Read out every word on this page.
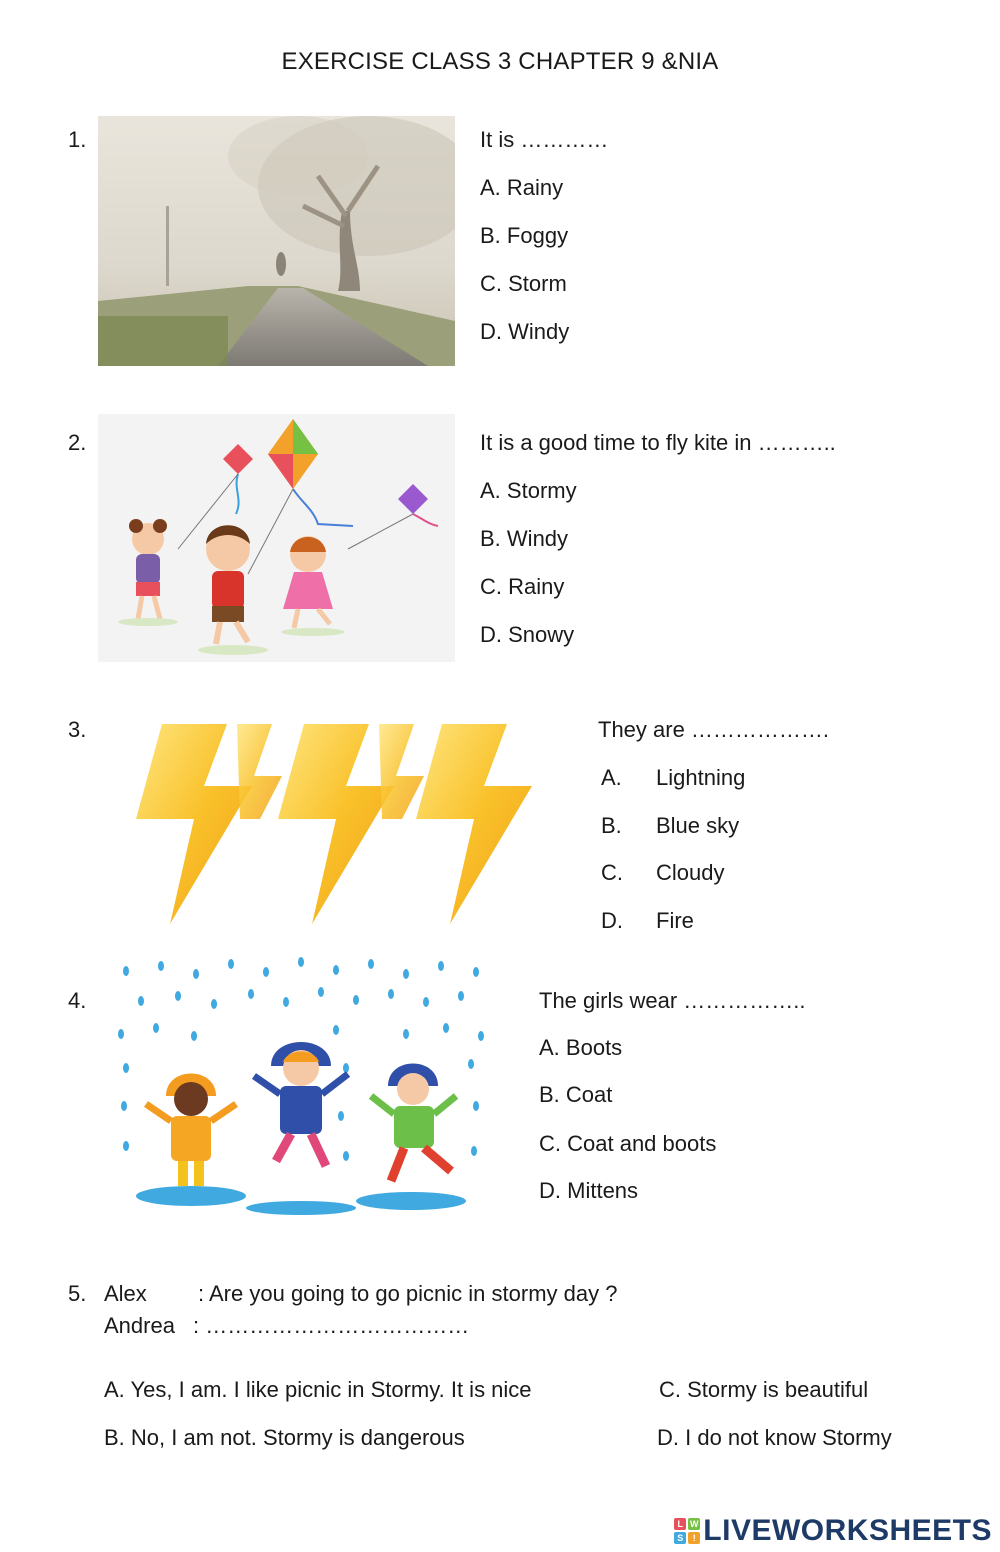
EXERCISE CLASS 3 CHAPTER 9 &NIA
1.	It is …………
A. Rainy
B. Foggy
C. Storm
D. Windy
2.	It is a good time to fly kite in ………..
A. Stormy
B. Windy
C. Rainy
D. Snowy
3.	They are ……………….
A. Lightning
B. Blue sky
C. Cloudy
D. Fire
4.	The girls wear ……………..
A. Boots
B. Coat
C. Coat and boots
D. Mittens
5. Alex : Are you going to go picnic in stormy day ?
Andrea : ………………………………
A. Yes, I am. I like picnic in Stormy. It is nice
B. No, I am not. Stormy is dangerous
C. Stormy is beautiful
D. I do not know Stormy
L W
S	! LIVEWORKSHEETS
